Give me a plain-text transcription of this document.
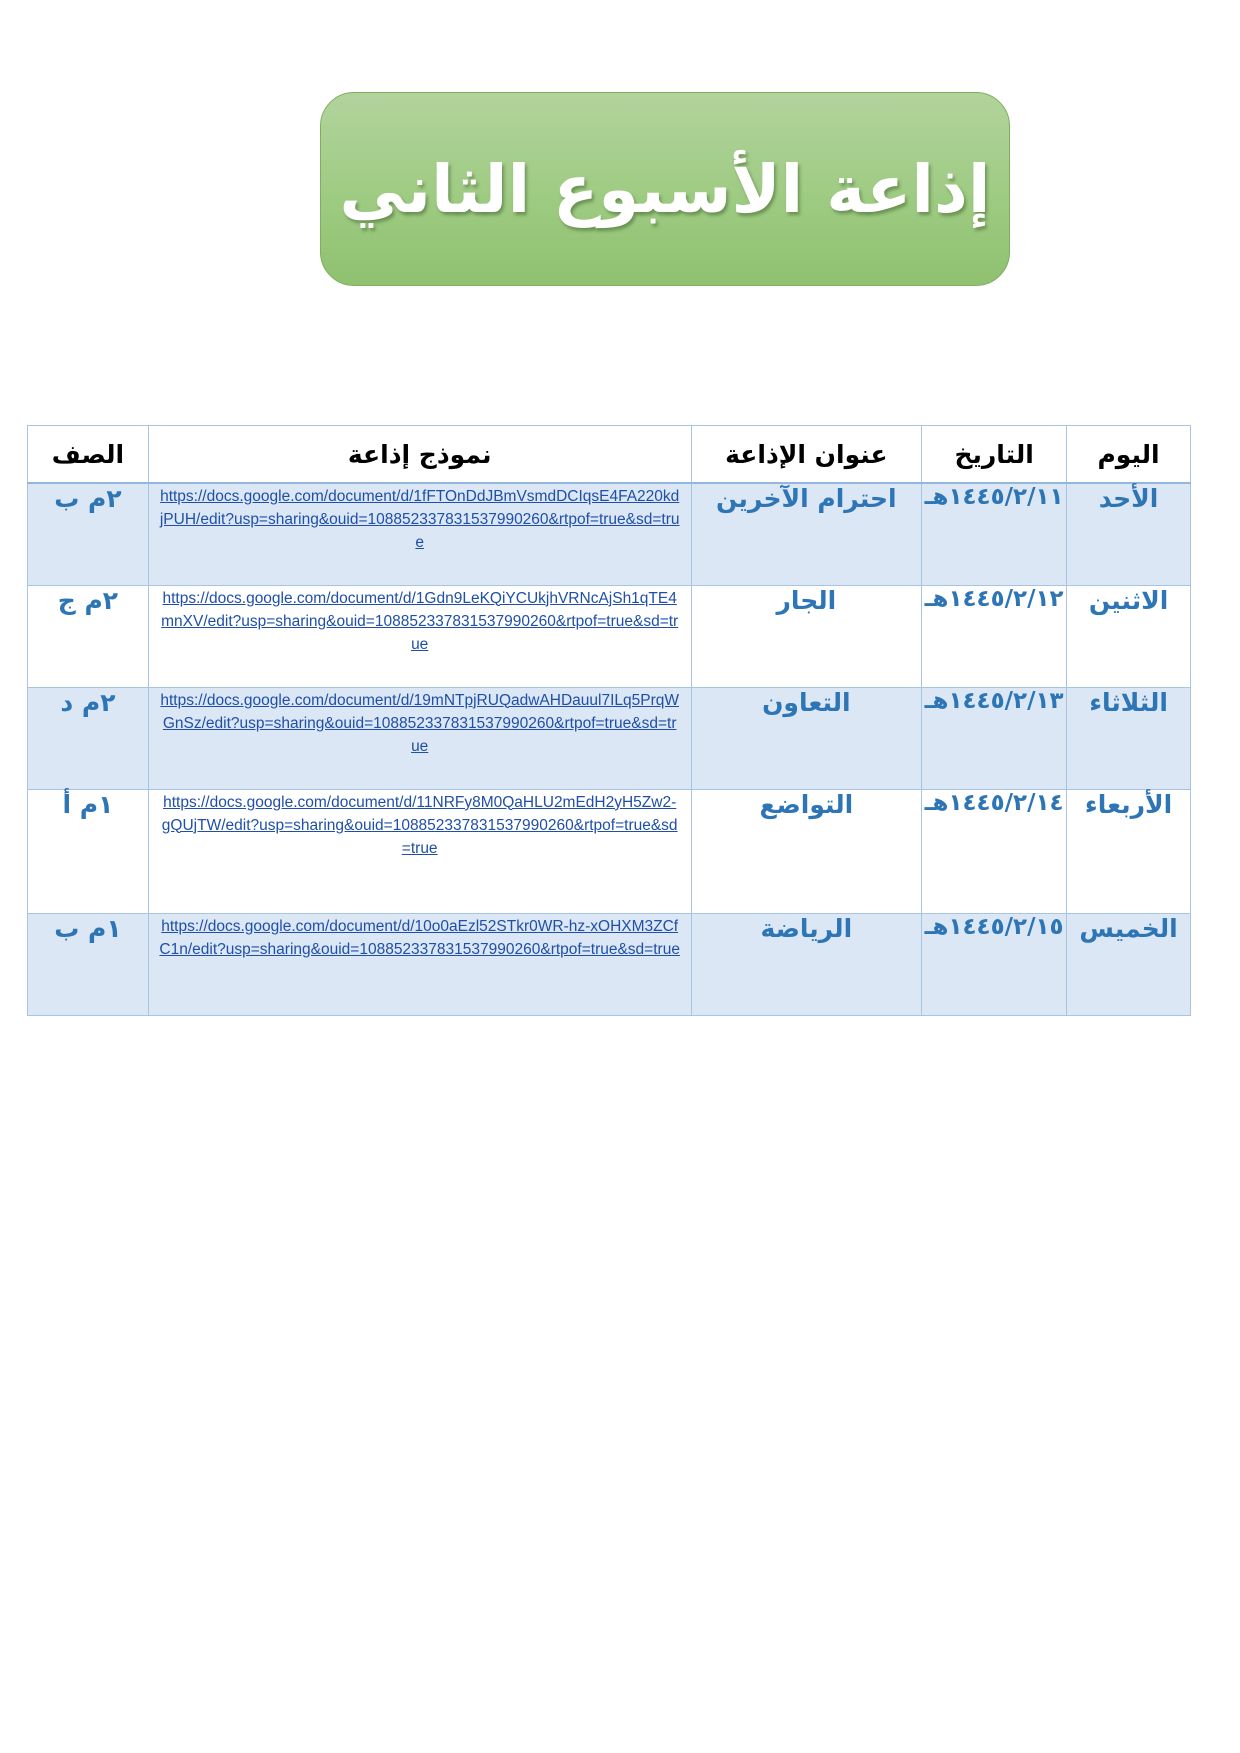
إذاعة الأسبوع الثاني
الصف	نموذج إذاعة	عنوان الإذاعة	التاريخ	اليوم
٢م ب	https://docs.google.com/document/d/1fFTOnDdJBmVsmdDCIqsE4FA220kdjPUH/edit?usp=sharing&ouid=108852337831537990260&rtpof=true&sd=true	احترام الآخرين	١٤٤٥/٢/١١هـ	الأحد
٢م ج	https://docs.google.com/document/d/1Gdn9LeKQiYCUkjhVRNcAjSh1qTE4mnXV/edit?usp=sharing&ouid=108852337831537990260&rtpof=true&sd=true	الجار	١٤٤٥/٢/١٢هـ	الاثنين
٢م د	https://docs.google.com/document/d/19mNTpjRUQadwAHDauul7ILq5PrqWGnSz/edit?usp=sharing&ouid=108852337831537990260&rtpof=true&sd=true	التعاون	١٤٤٥/٢/١٣هـ	الثلاثاء
١م أ	https://docs.google.com/document/d/11NRFy8M0QaHLU2mEdH2yH5Zw2-gQUjTW/edit?usp=sharing&ouid=108852337831537990260&rtpof=true&sd=true	التواضع	١٤٤٥/٢/١٤هـ	الأربعاء
١م ب	https://docs.google.com/document/d/10o0aEzl52STkr0WR-hz-xOHXM3ZCfC1n/edit?usp=sharing&ouid=108852337831537990260&rtpof=true&sd=true	الرياضة	١٤٤٥/٢/١٥هـ	الخميس
